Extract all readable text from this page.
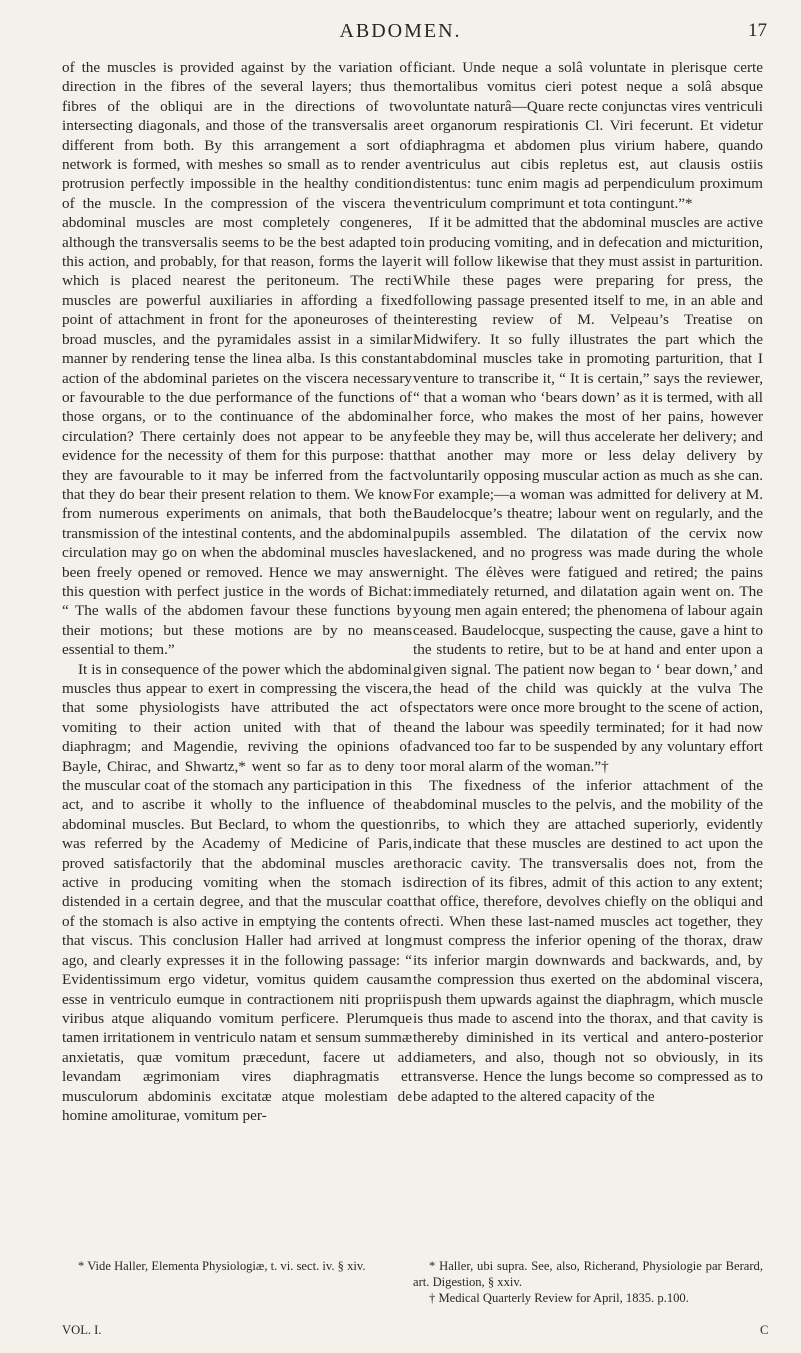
ABDOMEN.	17

of the muscles is provided against by the variation of direction in the fibres of the several layers; thus the fibres of the obliqui are in the directions of two intersecting diagonals, and those of the transversalis are different from both. By this arrangement a sort of network is formed, with meshes so small as to render a protrusion perfectly impossible in the healthy condition of the muscle. In the compression of the viscera the abdominal muscles are most completely congeneres, although the transversalis seems to be the best adapted to this action, and probably, for that reason, forms the layer which is placed nearest the peritoneum. The recti muscles are powerful auxiliaries in affording a fixed point of attachment in front for the aponeuroses of the broad muscles, and the pyramidales assist in a similar manner by rendering tense the linea alba. Is this constant action of the abdominal parietes on the viscera necessary or favourable to the due performance of the functions of those organs, or to the continuance of the abdominal circulation? There certainly does not appear to be any evidence for the necessity of them for this purpose: that they are favourable to it may be inferred from the fact that they do bear their present relation to them. We know from numerous experiments on animals, that both the transmission of the intestinal contents, and the abdominal circulation may go on when the abdominal muscles have been freely opened or removed. Hence we may answer this question with perfect justice in the words of Bichat: “ The walls of the abdomen favour these functions by their motions; but these motions are by no means essential to them.”

It is in consequence of the power which the abdominal muscles thus appear to exert in compressing the viscera, that some physiologists have attributed the act of vomiting to their action united with that of the diaphragm; and Magendie, reviving the opinions of Bayle, Chirac, and Shwartz,* went so far as to deny to the muscular coat of the stomach any participation in this act, and to ascribe it wholly to the influence of the abdominal muscles. But Beclard, to whom the question was referred by the Academy of Medicine of Paris, proved satisfactorily that the abdominal muscles are active in producing vomiting when the stomach is distended in a certain degree, and that the muscular coat of the stomach is also active in emptying the contents of that viscus. This conclusion Haller had arrived at long ago, and clearly expresses it in the following passage: “ Evidentissimum ergo videtur, vomitus quidem causam esse in ventriculo eumque in contractionem niti propriis viribus atque aliquando vomitum perficere. Plerumque tamen irritationem in ventriculo natam et sensum summæ anxietatis, quæ vomitum præcedunt, facere ut ad levandam ægrimoniam vires diaphragmatis et musculorum abdominis excitatæ atque molestiam de homine amoliturae, vomitum per-

ficiant. Unde neque a solâ voluntate in plerisque certe mortalibus vomitus cieri potest neque a solâ absque voluntate naturâ—Quare recte conjunctas vires ventriculi et organorum respirationis Cl. Viri fecerunt. Et videtur diaphragma et abdomen plus virium habere, quando ventriculus aut cibis repletus est, aut clausis ostiis distentus: tunc enim magis ad perpendiculum proximum ventriculum comprimunt et tota contingunt.”*

If it be admitted that the abdominal muscles are active in producing vomiting, and in defecation and micturition, it will follow likewise that they must assist in parturition. While these pages were preparing for press, the following passage presented itself to me, in an able and interesting review of M. Velpeau’s Treatise on Midwifery. It so fully illustrates the part which the abdominal muscles take in promoting parturition, that I venture to transcribe it, “ It is certain,” says the reviewer, “ that a woman who ‘bears down’ as it is termed, with all her force, who makes the most of her pains, however feeble they may be, will thus accelerate her delivery; and that another may more or less delay delivery by voluntarily opposing muscular action as much as she can. For example;—a woman was admitted for delivery at M. Baudelocque’s theatre; labour went on regularly, and the pupils assembled. The dilatation of the cervix now slackened, and no progress was made during the whole night. The élèves were fatigued and retired; the pains immediately returned, and dilatation again went on. The young men again entered; the phenomena of labour again ceased. Baudelocque, suspecting the cause, gave a hint to the students to retire, but to be at hand and enter upon a given signal. The patient now began to ‘ bear down,’ and the head of the child was quickly at the vulva The spectators were once more brought to the scene of action, and the labour was speedily terminated; for it had now advanced too far to be suspended by any voluntary effort or moral alarm of the woman.”†

The fixedness of the inferior attachment of the abdominal muscles to the pelvis, and the mobility of the ribs, to which they are attached superiorly, evidently indicate that these muscles are destined to act upon the thoracic cavity. The transversalis does not, from the direction of its fibres, admit of this action to any extent; that office, therefore, devolves chiefly on the obliqui and recti. When these last-named muscles act together, they must compress the inferior opening of the thorax, draw its inferior margin downwards and backwards, and, by the compression thus exerted on the abdominal viscera, push them upwards against the diaphragm, which muscle is thus made to ascend into the thorax, and that cavity is thereby diminished in its vertical and antero-posterior diameters, and also, though not so obviously, in its transverse. Hence the lungs become so compressed as to be adapted to the altered capacity of the

* Vide Haller, Elementa Physiologiæ, t. vi. sect. iv. § xiv.	* Haller, ubi supra. See, also, Richerand, Physiologie par Berard, art. Digestion, § xxiv.

† Medical Quarterly Review for April, 1835. p.100.

VOL. I.	C
